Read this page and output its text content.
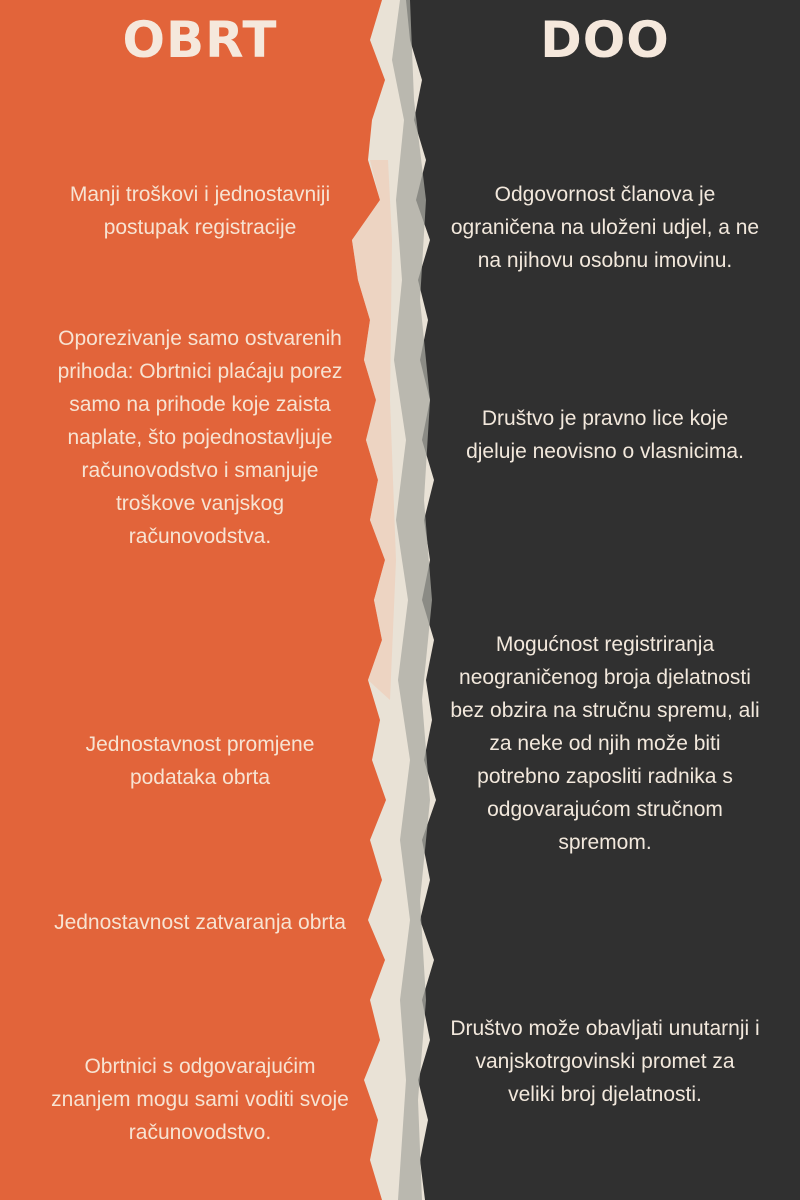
OBRT	DOO

Manji troškovi i jednostavniji postupak registracije

Oporezivanje samo ostvarenih prihoda: Obrtnici plaćaju porez samo na prihode koje zaista naplate, što pojednostavljuje računovodstvo i smanjuje troškove vanjskog računovodstva.

Jednostavnost promjene podataka obrta

Jednostavnost zatvaranja obrta

Obrtnici s odgovarajućim znanjem mogu sami voditi svoje računovodstvo.

Odgovornost članova je ograničena na uloženi udjel, a ne na njihovu osobnu imovinu.

Društvo je pravno lice koje djeluje neovisno o vlasnicima.

Mogućnost registriranja neograničenog broja djelatnosti bez obzira na stručnu spremu, ali za neke od njih može biti potrebno zaposliti radnika s odgovarajućom stručnom spremom.

Društvo može obavljati unutarnji i vanjskotrgovinski promet za veliki broj djelatnosti.
